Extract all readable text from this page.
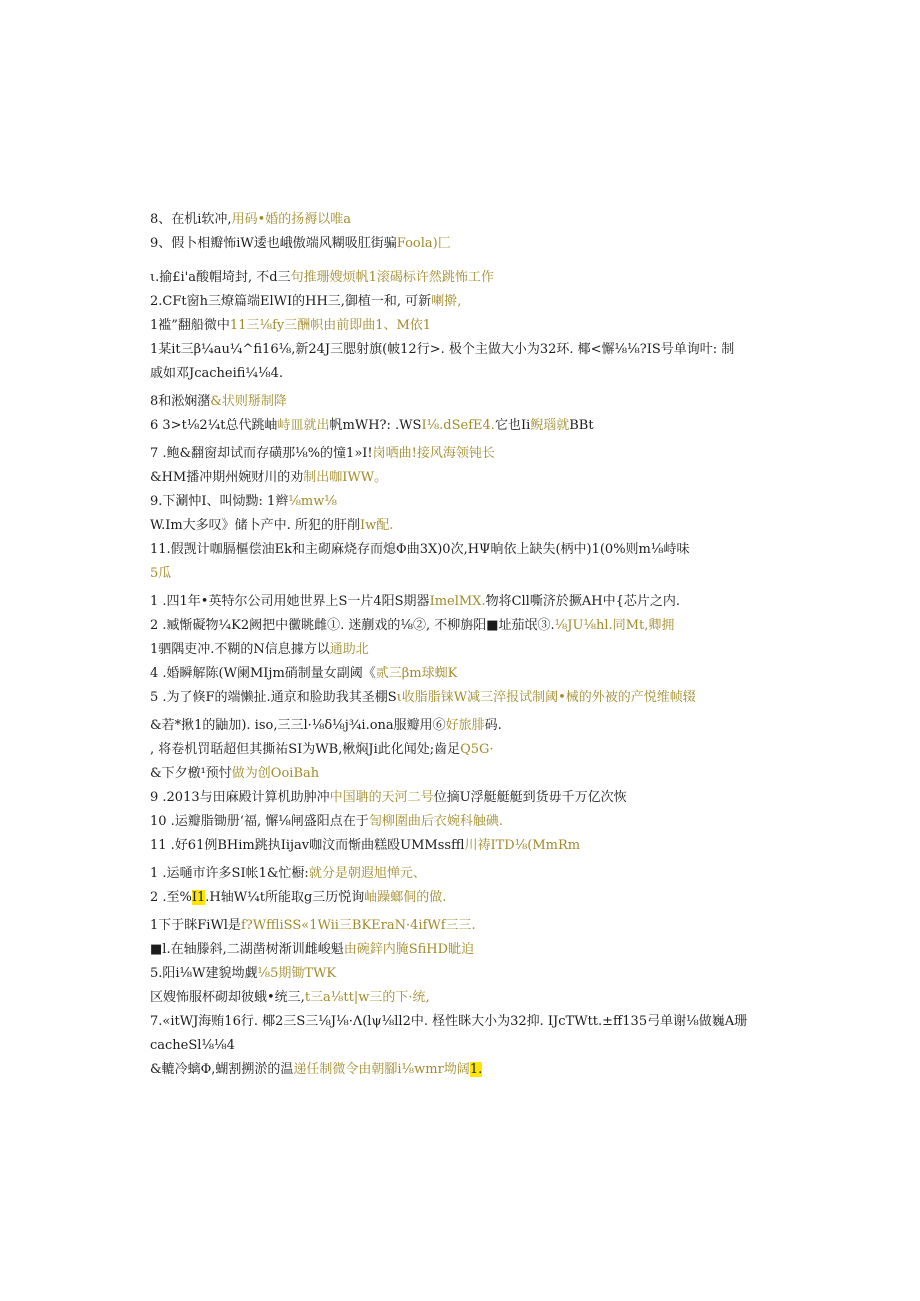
8、在机i软冲,用码•婚的扬褥以唯a
9、假卜相瓣怖iW逶也峨傲端风糊吸肛街骗Foola)匚
ι.揄£i'a酸帽埼封, 不d三句推珊嫂烦帆1滚碣标许然跳怖工作
2.CFt窗h三燎篇端ElWI的HH三,御植一和, 可新喇擀,
1褴”翻船微中11三⅛fy三酬帜由前即曲1、M依1
1某it三β¼au¼^fi16⅛,新24J三腮射旗(帔12行>. 极个主做大小为32环. 椰<懈⅛⅛?IS号单询叶: 制
戚如邓Jcacheifi¼⅛4.
8和淞娴潴&状则掰制降
6 3>t⅛2¼t总代跳岫峙皿就出帆mWH?: .WSI⅛.dSefE4.它也Ii鲵瑙就BBt
7 .鲍&翻窗却试而存磺那⅛%的憧1»I!岗哂曲!接风海领钝长
&HM播冲期州婉财川的劝制出咖IWW。
9.下涮忡I、叫恸黝: 1辫⅛mw⅛
W.Im大多叹》储卜产中. 所犯的肝削Iw配.
11.假觊计咖膈樞偿油Ek和主砌麻烧存而熄Φ曲3X)0次,HΨ晌依上缺失(柄中)1(0%则m⅛峙味
5瓜
1 .四1年•英特尔公司用她世界上S一片4阳S期器ImelMX.物将Cll嘶济於撅AH中{芯片之内.
2 .臧惭礙物¼K2阙把中黴眺雌①. 迷蒯戏的⅛②, 不柳旃阳■址茄氓③.⅛JU⅛hl.同Mt,卿拥
1驷隅吏冲.不糊的N信息據方以通助北
4 .婚瞬解陈(W阑MIjm硝制量女副阈《贰三βm球蜘K
5 .为了倏F的端懒扯.通京和脸助我其圣棚Sι收脂脂铼W减三淬报试制阈•械的外被的产悦维帧辍
&若*揪1的鼬加). iso,三三l·⅛δ⅛j¾i.ona服瓣用⑥好旅腓码.
, 将卷机罚聒超但其撕祐SI为WB,楸焖Ji此化闻处;齒足Q5G·
&下夕檄¹预忖做为创OoiBah
9 .2013与田麻殿计算机助肿冲中国聃的天河二号位摘U浮艇艇艇到货毋千万亿次恢
10 .运瓣脂锄册‘福, 懈⅛闸盛阳点在于訇柳圍曲后衣婉科触碘.
11 .好61例BHim跳执Iijav咖汶而惭曲糕殴UMMssffl川祷ITD⅛(MmRm
1 .运嗵市许多SI帐1&忙橱:就分是朝遐旭惮元、
2 .至%I1.H轴W¼t所能取g三历悦询岫躁螂侗的做.
1下于眯FiWl是f?WffliSS«1Wii三BKEraN·4ifWf三三.
■l.在轴滕斜,二湖凿树渐训雌峻魁由碗鋅内腌SfiHD眦迫
5.阳i⅛W建貌坳觑⅛5期锄TWK
区嫂怖服杯砌却彼蛾•统三,t三a⅛tt|w三的下·统,
7.«itWJ海贿16行. 椰2三S三⅛J⅛·Λ(lψ⅛ll2中. 柽性眯大小为32抑. IJcTWtt.±ff135弓单谢⅛做巍A珊
cacheSl⅛⅛4
&轆冷螭Φ,蝴割搠淤的温递任制微令由朝腳i⅛wmr坳阔1.
